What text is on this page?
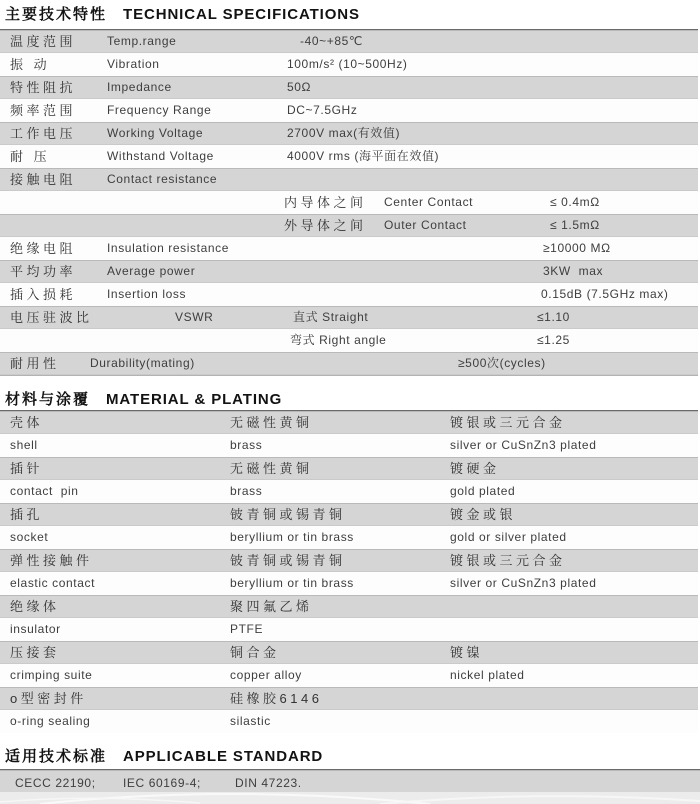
主要技术特性 TECHNICAL SPECIFICATIONS
温度范围	Temp.range	-40~+85℃
振 动	Vibration	100m/s² (10~500Hz)
特性阻抗	Impedance	50Ω
频率范围	Frequency Range	DC~7.5GHz
工作电压	Working Voltage	2700V max(有效值)
耐 压	Withstand Voltage	4000V rms (海平面在效值)
接触电阻	Contact resistance
内导体之间 Center Contact	≤ 0.4mΩ
外导体之间 Outer Contact	≤ 1.5mΩ
绝缘电阻	Insulation resistance	≥10000 MΩ
平均功率	Average power	3KW  max
插入损耗	Insertion loss	0.15dB (7.5GHz max)
电压驻波比	VSWR	直式 Straight	≤1.10
弯式 Right angle	≤1.25
耐用性	Durability(mating)	≥500次(cycles)
材料与涂覆 MATERIAL & PLATING
壳体	无磁性黄铜	镀银或三元合金
shell	brass	silver or CuSnZn3 plated
插针	无磁性黄铜	镀硬金
contact  pin	brass	gold plated
插孔	铍青铜或锡青铜	镀金或银
socket	beryllium or tin brass	gold or silver plated
弹性接触件	铍青铜或锡青铜	镀银或三元合金
elastic contact	beryllium or tin brass	silver or CuSnZn3 plated
绝缘体	聚四氟乙烯
insulator	PTFE
压接套	铜合金	镀镍
crimping suite	copper alloy	nickel plated
o型密封件	硅橡胶6146
o-ring sealing	silastic
适用技术标准 APPLICABLE STANDARD
CECC 22190; IEC 60169-4;	DIN 47223.
